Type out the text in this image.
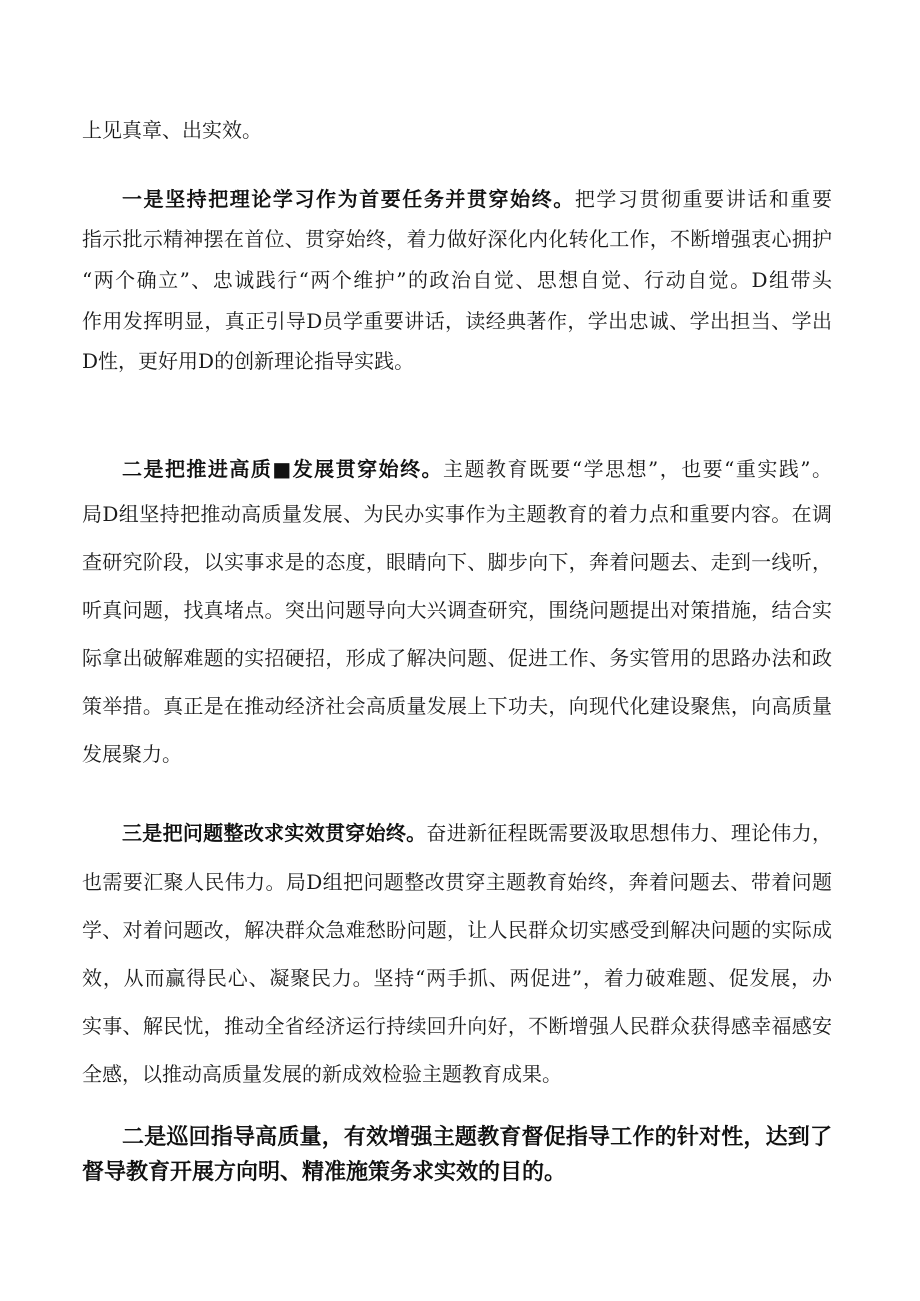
上见真章、出实效。

一是坚持把理论学习作为首要任务并贯穿始终。把学习贯彻重要讲话和重要

指示批示精神摆在首位、贯穿始终，着力做好深化内化转化工作，不断增强衷心拥护

“两个确立”、忠诚践行“两个维护”的政治自觉、思想自觉、行动自觉。D组带头

作用发挥明显，真正引导D员学重要讲话，读经典著作，学出忠诚、学出担当、学出

D性，更好用D的创新理论指导实践。

二是把推进高质■发展贯穿始终。主题教育既要“学思想”，也要“重实践”。

局D组坚持把推动高质量发展、为民办实事作为主题教育的着力点和重要内容。在调

查研究阶段，以实事求是的态度，眼睛向下、脚步向下，奔着问题去、走到一线听，

听真问题，找真堵点。突出问题导向大兴调查研究，围绕问题提出对策措施，结合实

际拿出破解难题的实招硬招，形成了解决问题、促进工作、务实管用的思路办法和政

策举措。真正是在推动经济社会高质量发展上下功夫，向现代化建设聚焦，向高质量

发展聚力。

三是把问题整改求实效贯穿始终。奋进新征程既需要汲取思想伟力、理论伟力，

也需要汇聚人民伟力。局D组把问题整改贯穿主题教育始终，奔着问题去、带着问题

学、对着问题改，解决群众急难愁盼问题，让人民群众切实感受到解决问题的实际成

效，从而赢得民心、凝聚民力。坚持“两手抓、两促进”，着力破难题、促发展，办

实事、解民忧，推动全省经济运行持续回升向好，不断增强人民群众获得感幸福感安

全感，以推动高质量发展的新成效检验主题教育成果。

二是巡回指导高质量，有效增强主题教育督促指导工作的针对性，达到了

督导教育开展方向明、精准施策务求实效的目的。
